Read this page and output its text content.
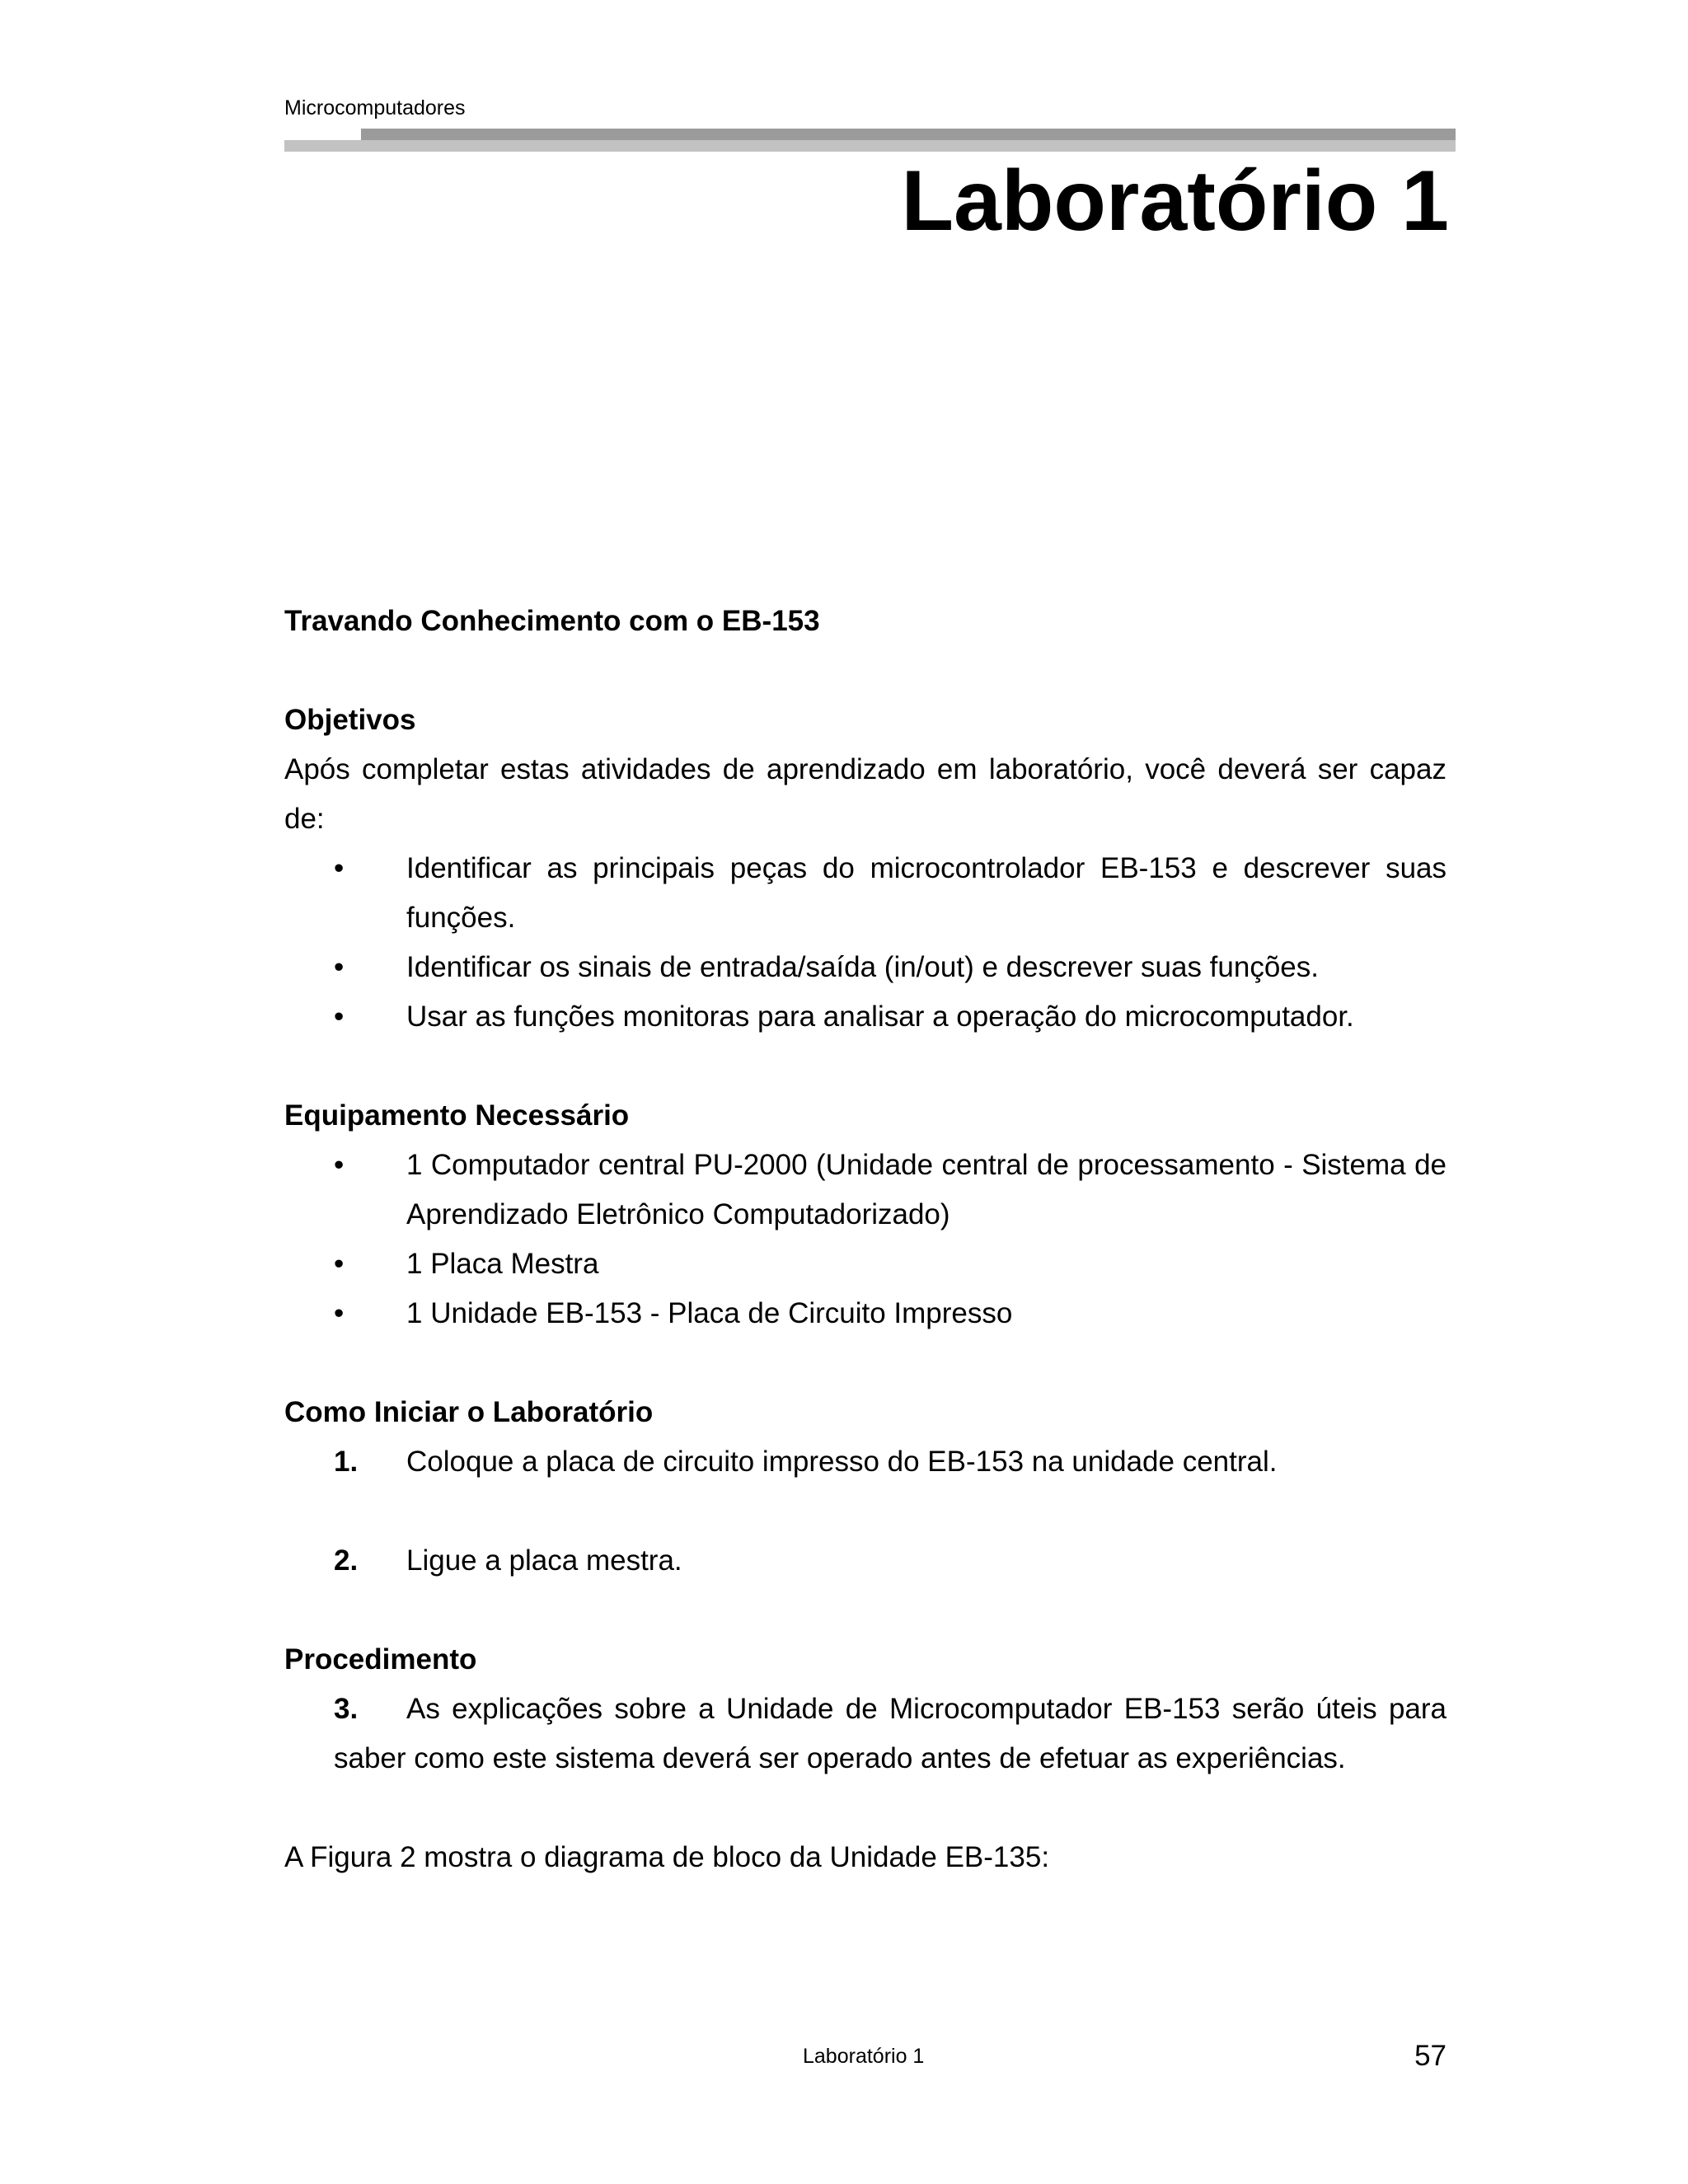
Microcomputadores
Laboratório 1

Travando Conhecimento com o EB-153

Objetivos

Após completar estas atividades de aprendizado em laboratório, você deverá ser capaz de:

•	Identificar as principais peças do microcontrolador EB-153 e descrever suas funções.
•	Identificar os sinais de entrada/saída (in/out) e descrever suas funções.
•	Usar as funções monitoras para analisar a operação do microcomputador.

Equipamento Necessário

•	1 Computador central PU-2000 (Unidade central de processamento - Sistema de Aprendizado Eletrônico Computadorizado)
•	1 Placa Mestra
•	1 Unidade EB-153 - Placa de Circuito Impresso

Como Iniciar o Laboratório

1.	Coloque a placa de circuito impresso do EB-153 na unidade central.
2.	Ligue a placa mestra.

Procedimento

3. As explicações sobre a Unidade de Microcomputador EB-153 serão úteis para saber como este sistema deverá ser operado antes de efetuar as experiências.

A Figura 2 mostra o diagrama de bloco da Unidade EB-135:

Laboratório 1	57
